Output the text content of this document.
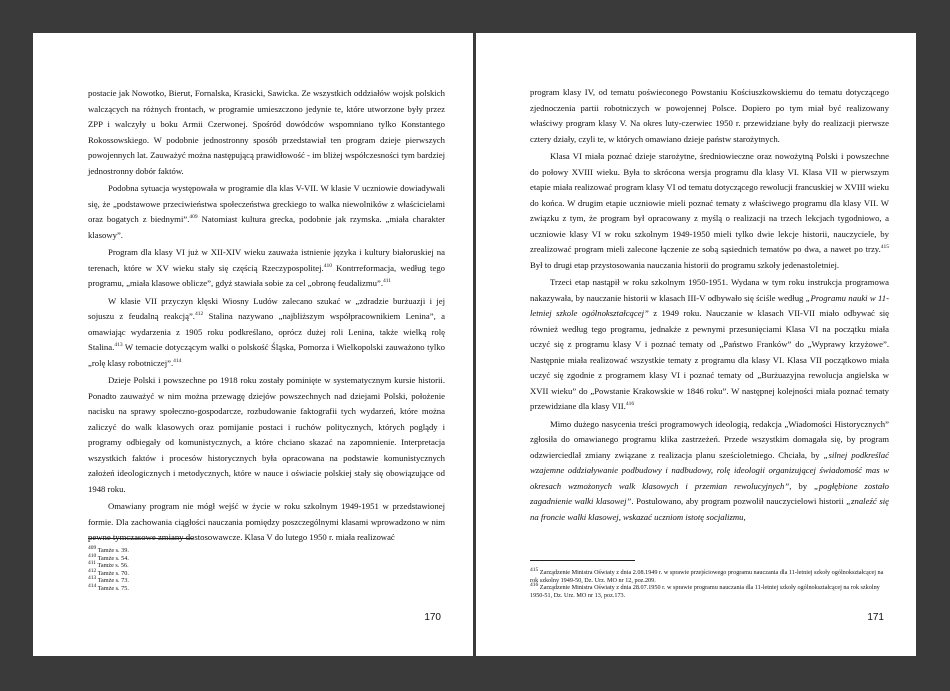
postacie jak Nowotko, Bierut, Fornalska, Krasicki, Sawicka. Ze wszystkich oddziałów wojsk polskich walczących na różnych frontach, w programie umieszczono jedynie te, które utworzone były przez ZPP i walczyły u boku Armii Czerwonej. Spośród dowódców wspomniano tylko Konstantego Rokossowskiego. W podobnie jednostronny sposób przedstawiał ten program dzieje pierwszych powojennych lat. Zauważyć można następującą prawidłowość - im bliżej współczesności tym bardziej jednostronny dobór faktów.

Podobna sytuacja występowała w programie dla klas V-VII. W klasie V uczniowie dowiadywali się, że „podstawowe przeciwieństwa społeczeństwa greckiego to walka niewolników z właścicielami oraz bogatych z biednymi”.$^{409}$ Natomiast kultura grecka, podobnie jak rzymska. „miała charakter klasowy”.

Program dla klasy VI już w XII-XIV wieku zauważa istnienie języka i kultury białoruskiej na terenach, które w XV wieku stały się częścią Rzeczypospolitej.$^{410}$ Kontrreformacja, według tego programu, „miała klasowe oblicze”, gdyż stawiała sobie za cel „obronę feudalizmu”.$^{411}$

W klasie VII przyczyn klęski Wiosny Ludów zalecano szukać w „zdradzie burżuazji i jej sojuszu z feudalną reakcją”.$^{412}$ Stalina nazywano „najbliższym współpracownikiem Lenina”, a omawiając wydarzenia z 1905 roku podkreślano, oprócz dużej roli Lenina, także wielką rolę Stalina.$^{413}$ W temacie dotyczącym walki o polskość Śląska, Pomorza i Wielkopolski zauważono tylko „rolę klasy robotniczej”.$^{414}$

Dzieje Polski i powszechne po 1918 roku zostały pominięte w systematycznym kursie historii. Ponadto zauważyć w nim można przewagę dziejów powszechnych nad dziejami Polski, położenie nacisku na sprawy społeczno-gospodarcze, rozbudowanie faktografii tych wydarzeń, które można zaliczyć do walk klasowych oraz pomijanie postaci i ruchów politycznych, których poglądy i programy odbiegały od komunistycznych, a które chciano skazać na zapomnienie. Interpretacja wszystkich faktów i procesów historycznych była opracowana na podstawie komunistycznych założeń ideologicznych i metodycznych, które w nauce i oświacie polskiej stały się obowiązujące od 1948 roku.

Omawiany program nie mógł wejść w życie w roku szkolnym 1949-1951 w przedstawionej formie. Dla zachowania ciągłości nauczania pomiędzy poszczególnymi klasami wprowadzono w nim pewne tymczasowe zmiany dostosowawcze. Klasa V do lutego 1950 r. miała realizować

$^{409}$ Tamże s. 39.

$^{410}$ Tamże s. 54.

$^{411}$ Tamże s. 56.

$^{412}$ Tamże s. 70.

$^{413}$ Tamże s. 73.

$^{414}$ Tamże s. 75.

170

program klasy IV, od tematu poświeconego Powstaniu Kościuszkowskiemu do tematu dotyczącego zjednoczenia partii robotniczych w powojennej Polsce. Dopiero po tym miał być realizowany właściwy program klasy V. Na okres luty-czerwiec 1950 r. przewidziane były do realizacji pierwsze cztery działy, czyli te, w których omawiano dzieje państw starożytnych.

Klasa VI miała poznać dzieje starożytne, średniowieczne oraz nowożytną Polski i powszechne do połowy XVIII wieku. Była to skrócona wersja programu dla klasy VI. Klasa VII w pierwszym etapie miała realizować program klasy VI od tematu dotyczącego rewolucji francuskiej w XVIII wieku do końca. W drugim etapie uczniowie mieli poznać tematy z właściwego programu dla klasy VII. W związku z tym, że program był opracowany z myślą o realizacji na trzech lekcjach tygodniowo, a uczniowie klasy VI w roku szkolnym 1949-1950 mieli tylko dwie lekcje historii, nauczyciele, by zrealizować program mieli zalecone łączenie ze sobą sąsiednich tematów po dwa, a nawet po trzy.$^{415}$ Był to drugi etap przystosowania nauczania historii do programu szkoły jedenastoletniej.

Trzeci etap nastąpił w roku szkolnym 1950-1951. Wydana w tym roku instrukcja programowa nakazywała, by nauczanie historii w klasach III-V odbywało się ściśle według „Programu nauki w 11-letniej szkole ogólnokształcącej” z 1949 roku. Nauczanie w klasach VII-VII miało odbywać się również według tego programu, jednakże z pewnymi przesunięciami Klasa VI na początku miała uczyć się z programu klasy V i poznać tematy od „Państwo Franków” do „Wyprawy krzyżowe”. Następnie miała realizować wszystkie tematy z programu dla klasy VI. Klasa VII początkowo miała uczyć się zgodnie z programem klasy VI i poznać tematy od „Burżuazyjna rewolucja angielska w XVII wieku” do „Powstanie Krakowskie w 1846 roku”. W następnej kolejności miała poznać tematy przewidziane dla klasy VII.$^{416}$

Mimo dużego nasycenia treści programowych ideologią, redakcja „Wiadomości Historycznych” zgłosiła do omawianego programu klika zastrzeżeń. Przede wszystkim domagała się, by program odzwierciedlał zmiany związane z realizacja planu sześcioletniego. Chciała, by „silnej podkreślać wzajemne oddziaływanie podbudowy i nadbudowy, rolę ideologii organizującej świadomość mas w okresach wzmożonych walk klasowych i przemian rewolucyjnych”, by „pogłębione zostało zagadnienie walki klasowej”. Postulowano, aby program pozwolił nauczycielowi historii „znaleźć się na froncie walki klasowej, wskazać uczniom istotę socjalizmu,

$^{415}$ Zarządzenie Ministra Oświaty z dnia 2.08.1949 r. w sprawie przejściowego programu nauczania dla 11-letniej szkoły ogólnokształcącej na rok szkolny 1949-50, Dz. Urz. MO nr 12, poz.209.

$^{416}$ Zarządzenie Ministra Oświaty z dnia 28.07.1950 r. w sprawie programu nauczania dla 11-letniej szkoły ogólnokształcącej na rok szkolny 1950-51, Dz. Urz. MO nr 13, poz.173.

171
